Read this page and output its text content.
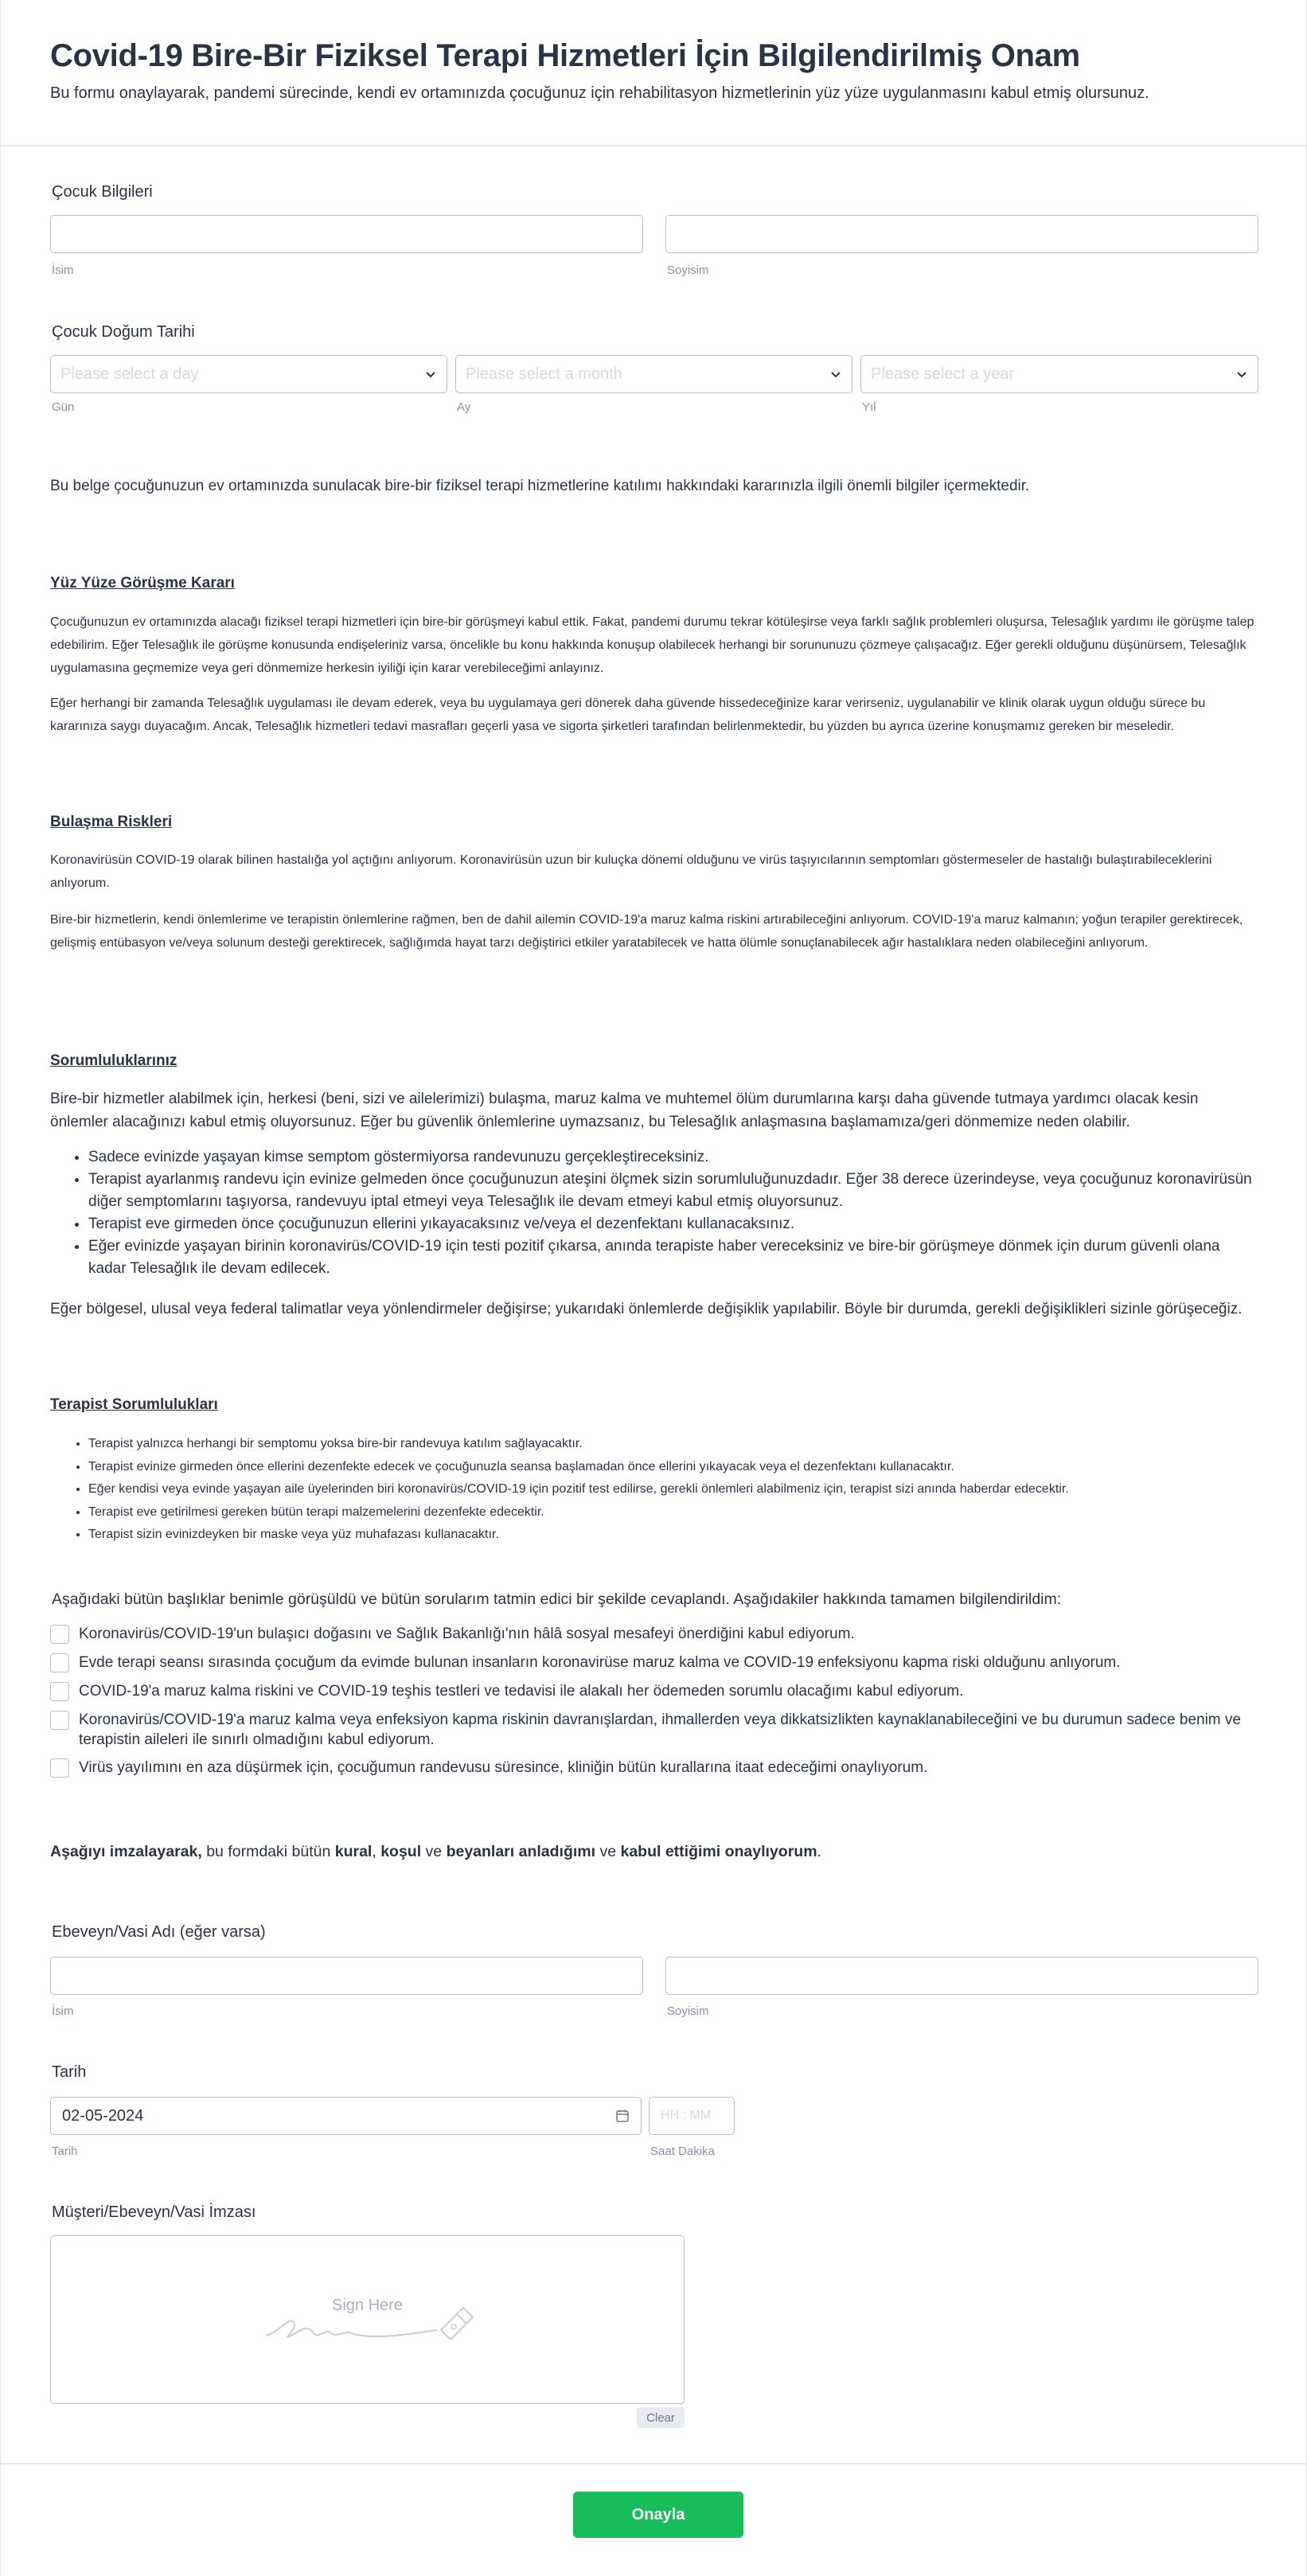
Covid-19 Bire-Bir Fiziksel Terapi Hizmetleri İçin Bilgilendirilmiş Onam
Bu formu onaylayarak, pandemi sürecinde, kendi ev ortamınızda çocuğunuz için rehabilitasyon hizmetlerinin yüz yüze uygulanmasını kabul etmiş olursunuz.
Çocuk Bilgileri
İsim	Soyisim
Çocuk Doğum Tarihi
Please select a day	Please select a month	Please select a year
Gün	Ay	Yıl
Bu belge çocuğunuzun ev ortamınızda sunulacak bire-bir fiziksel terapi hizmetlerine katılımı hakkındaki kararınızla ilgili önemli bilgiler içermektedir.
Yüz Yüze Görüşme Kararı
Çocuğunuzun ev ortamınızda alacağı fiziksel terapi hizmetleri için bire-bir görüşmeyi kabul ettik. Fakat, pandemi durumu tekrar kötüleşirse veya farklı sağlık problemleri oluşursa, Telesağlık yardımı ile görüşme talep edebilirim. Eğer Telesağlık ile görüşme konusunda endişeleriniz varsa, öncelikle bu konu hakkında konuşup olabilecek herhangi bir sorununuzu çözmeye çalışacağız. Eğer gerekli olduğunu düşünürsem, Telesağlık uygulamasına geçmemize veya geri dönmemize herkesin iyiliği için karar verebileceğimi anlayınız.
Eğer herhangi bir zamanda Telesağlık uygulaması ile devam ederek, veya bu uygulamaya geri dönerek daha güvende hissedeceğinize karar verirseniz, uygulanabilir ve klinik olarak uygun olduğu sürece bu kararınıza saygı duyacağım. Ancak, Telesağlık hizmetleri tedavi masrafları geçerli yasa ve sigorta şirketleri tarafından belirlenmektedir, bu yüzden bu ayrıca üzerine konuşmamız gereken bir meseledir.
Bulaşma Riskleri
Koronavirüsün COVID-19 olarak bilinen hastalığa yol açtığını anlıyorum. Koronavirüsün uzun bir kuluçka dönemi olduğunu ve virüs taşıyıcılarının semptomları göstermeseler de hastalığı bulaştırabileceklerini anlıyorum.
Bire-bir hizmetlerin, kendi önlemlerime ve terapistin önlemlerine rağmen, ben de dahil ailemin COVID-19'a maruz kalma riskini artırabileceğini anlıyorum. COVID-19'a maruz kalmanın; yoğun terapiler gerektirecek, gelişmiş entübasyon ve/veya solunum desteği gerektirecek, sağlığımda hayat tarzı değiştirici etkiler yaratabilecek ve hatta ölümle sonuçlanabilecek ağır hastalıklara neden olabileceğini anlıyorum.
Sorumluluklarınız
Bire-bir hizmetler alabilmek için, herkesi (beni, sizi ve ailelerimizi) bulaşma, maruz kalma ve muhtemel ölüm durumlarına karşı daha güvende tutmaya yardımcı olacak kesin önlemler alacağınızı kabul etmiş oluyorsunuz. Eğer bu güvenlik önlemlerine uymazsanız, bu Telesağlık anlaşmasına başlamamıza/geri dönmemize neden olabilir.
• Sadece evinizde yaşayan kimse semptom göstermiyorsa randevunuzu gerçekleştireceksiniz.
• Terapist ayarlanmış randevu için evinize gelmeden önce çocuğunuzun ateşini ölçmek sizin sorumluluğunuzdadır. Eğer 38 derece üzerindeyse, veya çocuğunuz koronavirüsün diğer semptomlarını taşıyorsa, randevuyu iptal etmeyi veya Telesağlık ile devam etmeyi kabul etmiş oluyorsunuz.
• Terapist eve girmeden önce çocuğunuzun ellerini yıkayacaksınız ve/veya el dezenfektanı kullanacaksınız.
• Eğer evinizde yaşayan birinin koronavirüs/COVID-19 için testi pozitif çıkarsa, anında terapiste haber vereceksiniz ve bire-bir görüşmeye dönmek için durum güvenli olana kadar Telesağlık ile devam edilecek.
Eğer bölgesel, ulusal veya federal talimatlar veya yönlendirmeler değişirse; yukarıdaki önlemlerde değişiklik yapılabilir. Böyle bir durumda, gerekli değişiklikleri sizinle görüşeceğiz.
Terapist Sorumlulukları
• Terapist yalnızca herhangi bir semptomu yoksa bire-bir randevuya katılım sağlayacaktır.
• Terapist evinize girmeden önce ellerini dezenfekte edecek ve çocuğunuzla seansa başlamadan önce ellerini yıkayacak veya el dezenfektanı kullanacaktır.
• Eğer kendisi veya evinde yaşayan aile üyelerinden biri koronavirüs/COVID-19 için pozitif test edilirse, gerekli önlemleri alabilmeniz için, terapist sizi anında haberdar edecektir.
• Terapist eve getirilmesi gereken bütün terapi malzemelerini dezenfekte edecektir.
• Terapist sizin evinizdeyken bir maske veya yüz muhafazası kullanacaktır.
Aşağıdaki bütün başlıklar benimle görüşüldü ve bütün sorularım tatmin edici bir şekilde cevaplandı. Aşağıdakiler hakkında tamamen bilgilendirildim:
Koronavirüs/COVID-19'un bulaşıcı doğasını ve Sağlık Bakanlığı'nın hâlâ sosyal mesafeyi önerdiğini kabul ediyorum.
Evde terapi seansı sırasında çocuğum da evimde bulunan insanların koronavirüse maruz kalma ve COVID-19 enfeksiyonu kapma riski olduğunu anlıyorum.
COVID-19'a maruz kalma riskini ve COVID-19 teşhis testleri ve tedavisi ile alakalı her ödemeden sorumlu olacağımı kabul ediyorum.
Koronavirüs/COVID-19'a maruz kalma veya enfeksiyon kapma riskinin davranışlardan, ihmallerden veya dikkatsizlikten kaynaklanabileceğini ve bu durumun sadece benim ve terapistin aileleri ile sınırlı olmadığını kabul ediyorum.
Virüs yayılımını en aza düşürmek için, çocuğumun randevusu süresince, kliniğin bütün kurallarına itaat edeceğimi onaylıyorum.
Aşağıyı imzalayarak, bu formdaki bütün kural, koşul ve beyanları anladığımı ve kabul ettiğimi onaylıyorum.
Ebeveyn/Vasi Adı (eğer varsa)
İsim	Soyisim
Tarih
02-05-2024	HH : MM
Tarih	Saat Dakika
Müşteri/Ebeveyn/Vasi İmzası
Sign Here
Clear
Onayla
